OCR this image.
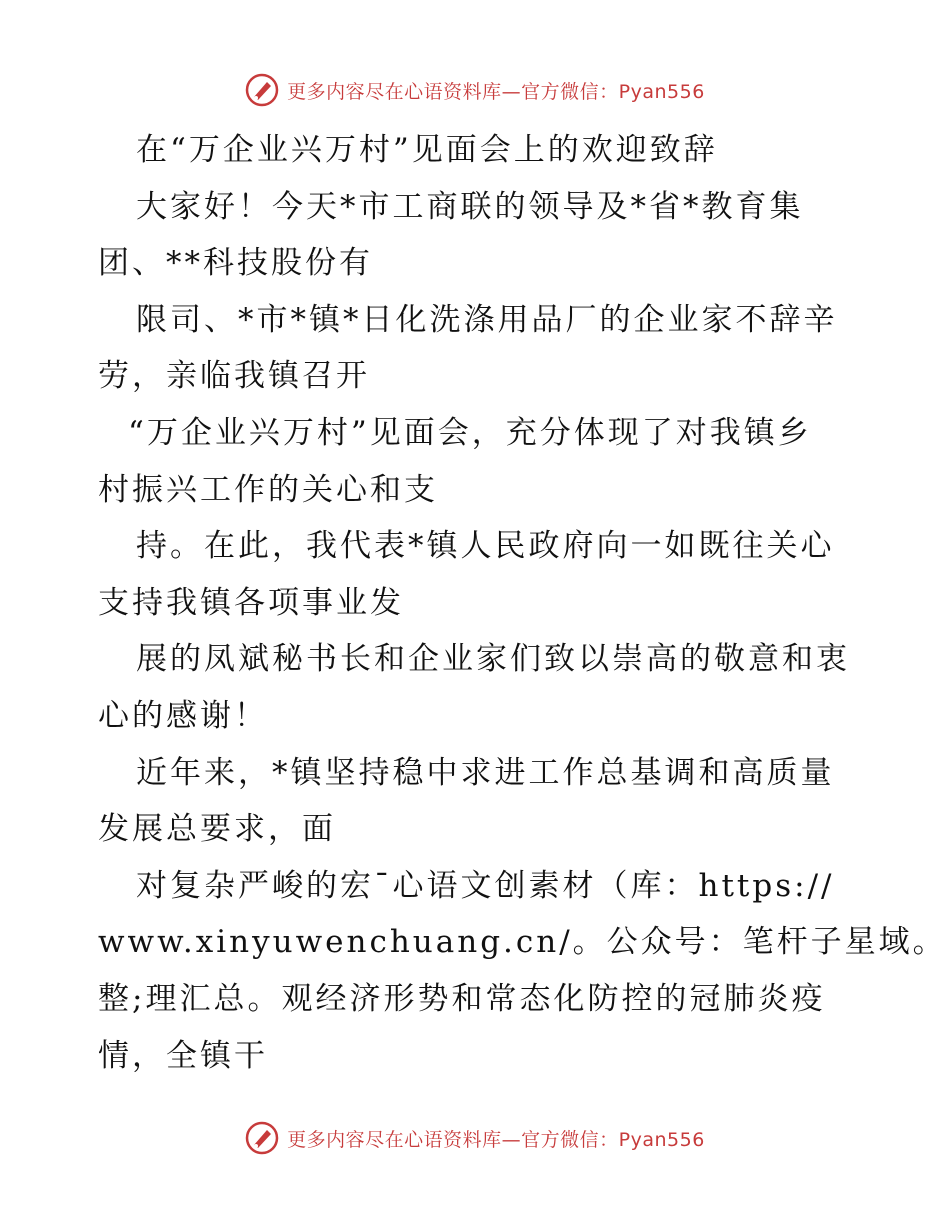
更多内容尽在心语资料库—官方微信：Pyan556
在“万企业兴万村”见面会上的欢迎致辞
大家好！今天*市工商联的领导及*省*教育集
团、**科技股份有
限司、*市*镇*日化洗涤用品厂的企业家不辞辛
劳，亲临我镇召开
“万企业兴万村”见面会，充分体现了对我镇乡
村振兴工作的关心和支
持。在此，我代表*镇人民政府向一如既往关心
支持我镇各项事业发
展的凤斌秘书长和企业家们致以崇高的敬意和衷
心的感谢！
近年来，*镇坚持稳中求进工作总基调和高质量
发展总要求，面
对复杂严峻的宏¯心语文创素材（库：https://
www.xinyuwenchuang.cn/。公众号：笔杆子星域。
整;理汇总。观经济形势和常态化防控的冠肺炎疫
情，全镇干
更多内容尽在心语资料库—官方微信：Pyan556
